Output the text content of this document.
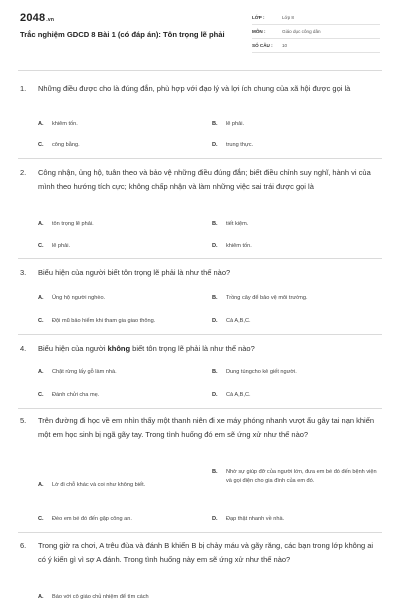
2048.vn
Trắc nghiệm GDCD 8 Bài 1 (có đáp án): Tôn trọng lẽ phải
LỚP :	Lớp 8
MÔN :	Giáo dục công dân
SỐ CÂU :	10
1.	Những điều được cho là đúng đắn, phù hợp với đạo lý và lợi ích chung của xã hội được gọi là
A.	khiêm tốn.	B.	lẽ phải.
C.	công bằng.	D.	trung thực.
2.	Công nhận, ủng hộ, tuân theo và bảo vệ những điều đúng đắn; biết điều chỉnh suy nghĩ, hành vi của mình theo hướng tích cực; không chấp nhận và làm những việc sai trái được gọi là
A.	tôn trọng lẽ phải.	B.	tiết kiệm.
C.	lẽ phải.	D.	khiêm tốn.
3.	Biểu hiện của người biết tôn trọng lẽ phải là như thế nào?
A.	Ủng hộ người nghèo.	B.	Trồng cây để bảo vệ môi trường.
C.	Đội mũ bảo hiểm khi tham gia giao thông.	D.	Cả A,B,C.
4.	Biểu hiện của người không biết tôn trọng lẽ phải là như thế nào?
A.	Chặt rừng lấy gỗ làm nhà.	B.	Dung túngcho kẻ giết người.
C.	Đánh chửi cha mẹ.	D.	Cả A,B,C.
5.	Trên đường đi học về em nhìn thấy một thanh niên đi xe máy phóng nhanh vượt ẩu gây tai nạn khiến một em học sinh bị ngã gãy tay. Trong tình huống đó em sẽ ứng xử như thế nào?
A.	Lờ đi chỗ khác và coi như không biết.
B.	Nhờ sự giúp đỡ của người lớn, đưa em bé đó đến bệnh viện và gọi điện cho gia đình của em đó.
C.	Đèo em bé đó đến gặp công an.	D.	Đạp thật nhanh về nhà.
6.	Trong giờ ra chơi, A trêu đùa và đánh B khiến B bị chảy máu và gãy răng, các bạn trong lớp không ai có ý kiến gì vì sợ A đánh. Trong tình huống này em sẽ ứng xử như thế nào?
A.	Báo với cô giáo chủ nhiệm để tìm cách
